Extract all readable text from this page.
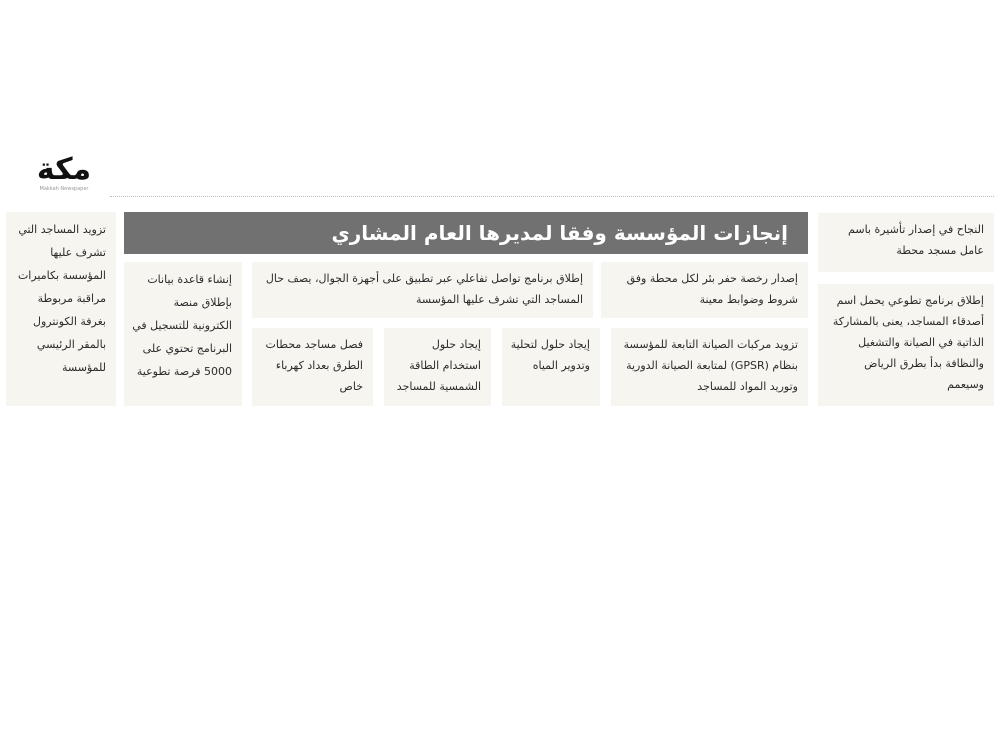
مكة
Makkah Newspaper
إنجازات المؤسسة وفقا لمديرها العام المشاري	النجاح في إصدار تأشيرة باسم عامل مسجد محطة
إطلاق برنامج تطوعي يحمل اسم أصدقاء المساجد، يعنى بالمشاركة الذاتية في الصيانة والتشغيل والنظافة بدأ بطرق الرياض وسيعمم
إصدار رخصة حفر بئر لكل محطة وفق شروط وضوابط معينة
إطلاق برنامج تواصل تفاعلي عبر تطبيق على أجهزة الجوال، يصف حال المساجد التي تشرف عليها المؤسسة
إنشاء قاعدة بيانات بإطلاق منصة الكترونية للتسجيل في البرنامج تحتوي على 5000 فرصة تطوعية
تزويد مركبات الصيانة التابعة للمؤسسة بنظام (GPSR) لمتابعة الصيانة الدورية وتوريد المواد للمساجد
إيجاد حلول لتحلية وتدوير المياه
إيجاد حلول استخدام الطاقة الشمسية للمساجد
فصل مساجد محطات الطرق بعداد كهرباء خاص
تزويد المساجد التي تشرف عليها المؤسسة بكاميرات مراقبة مربوطة بغرفة الكونترول بالمقر الرئيسي للمؤسسة
